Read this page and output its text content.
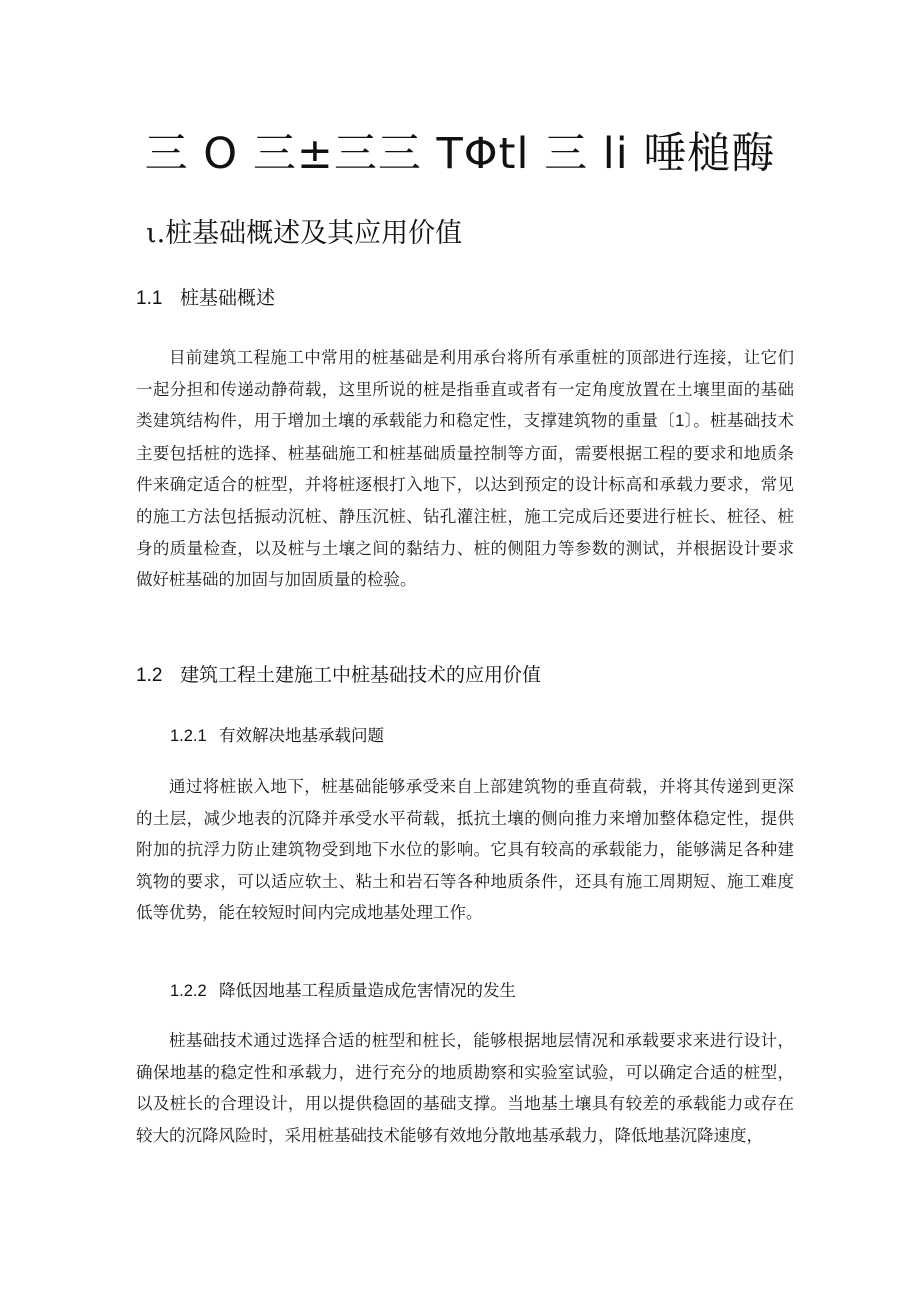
三 O 三±三三 TΦtl 三 li 唾槌酶
ι.桩基础概述及其应用价值
1.1 桩基础概述

目前建筑工程施工中常用的桩基础是利用承台将所有承重桩的顶部进行连接，让它们一起分担和传递动静荷载，这里所说的桩是指垂直或者有一定角度放置在土壤里面的基础类建筑结构件，用于增加土壤的承载能力和稳定性，支撑建筑物的重量〔1〕。桩基础技术主要包括桩的选择、桩基础施工和桩基础质量控制等方面，需要根据工程的要求和地质条件来确定适合的桩型，并将桩逐根打入地下，以达到预定的设计标高和承载力要求，常见的施工方法包括振动沉桩、静压沉桩、钻孔灌注桩，施工完成后还要进行桩长、桩径、桩身的质量检查，以及桩与土壤之间的黏结力、桩的侧阻力等参数的测试，并根据设计要求做好桩基础的加固与加固质量的检验。

1.2 建筑工程土建施工中桩基础技术的应用价值
1.2.1 有效解决地基承载问题

通过将桩嵌入地下，桩基础能够承受来自上部建筑物的垂直荷载，并将其传递到更深的土层，减少地表的沉降并承受水平荷载，抵抗土壤的侧向推力来增加整体稳定性，提供附加的抗浮力防止建筑物受到地下水位的影响。它具有较高的承载能力，能够满足各种建筑物的要求，可以适应软土、粘土和岩石等各种地质条件，还具有施工周期短、施工难度低等优势，能在较短时间内完成地基处理工作。

1.2.2 降低因地基工程质量造成危害情况的发生

桩基础技术通过选择合适的桩型和桩长，能够根据地层情况和承载要求来进行设计，确保地基的稳定性和承载力，进行充分的地质勘察和实验室试验，可以确定合适的桩型，以及桩长的合理设计，用以提供稳固的基础支撑。当地基土壤具有较差的承载能力或存在较大的沉降风险时，采用桩基础技术能够有效地分散地基承载力，降低地基沉降速度，
